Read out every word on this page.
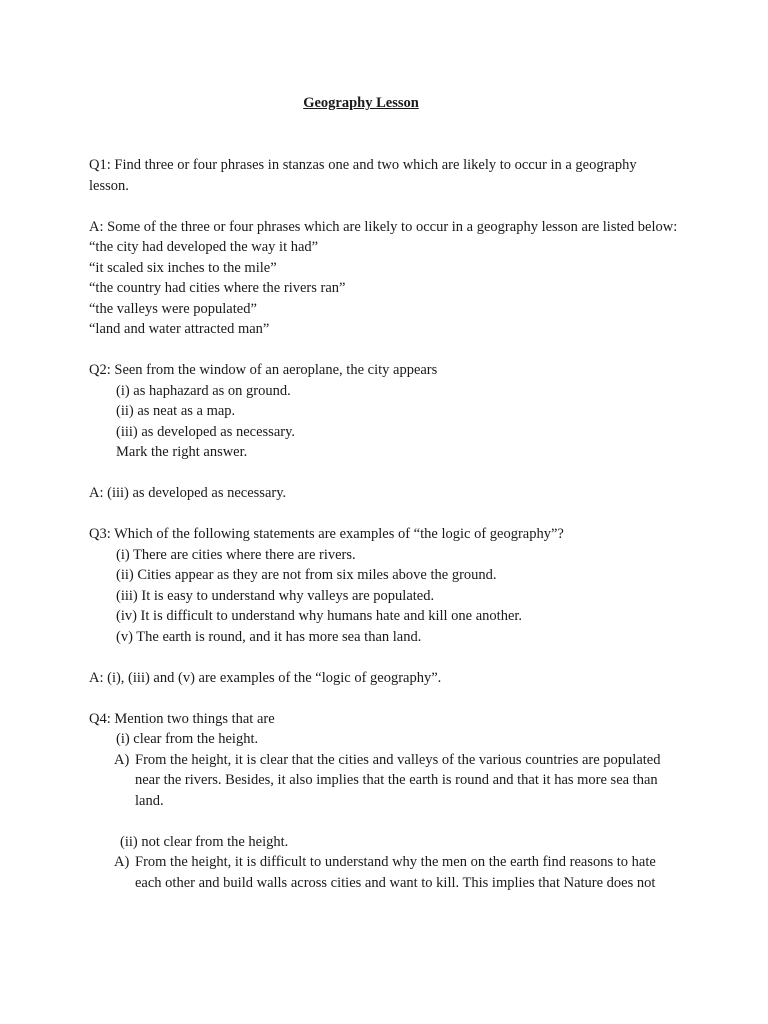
Geography Lesson
Q1: Find three or four phrases in stanzas one and two which are likely to occur in a geography lesson.
A: Some of the three or four phrases which are likely to occur in a geography lesson are listed below:
“the city had developed the way it had”
“it scaled six inches to the mile”
“the country had cities where the rivers ran”
“the valleys were populated”
“land and water attracted man”
Q2: Seen from the window of an aeroplane, the city appears
(i) as haphazard as on ground.
(ii) as neat as a map.
(iii) as developed as necessary.
Mark the right answer.
A: (iii) as developed as necessary.
Q3: Which of the following statements are examples of “the logic of geography”?
(i) There are cities where there are rivers.
(ii) Cities appear as they are not from six miles above the ground.
(iii) It is easy to understand why valleys are populated.
(iv) It is difficult to understand why humans hate and kill one another.
(v) The earth is round, and it has more sea than land.
A: (i), (iii) and (v) are examples of the “logic of geography”.
Q4: Mention two things that are
(i) clear from the height.
A) From the height, it is clear that the cities and valleys of the various countries are populated near the rivers. Besides, it also implies that the earth is round and that it has more sea than land.
(ii) not clear from the height.
A) From the height, it is difficult to understand why the men on the earth find reasons to hate each other and build walls across cities and want to kill. This implies that Nature does not
